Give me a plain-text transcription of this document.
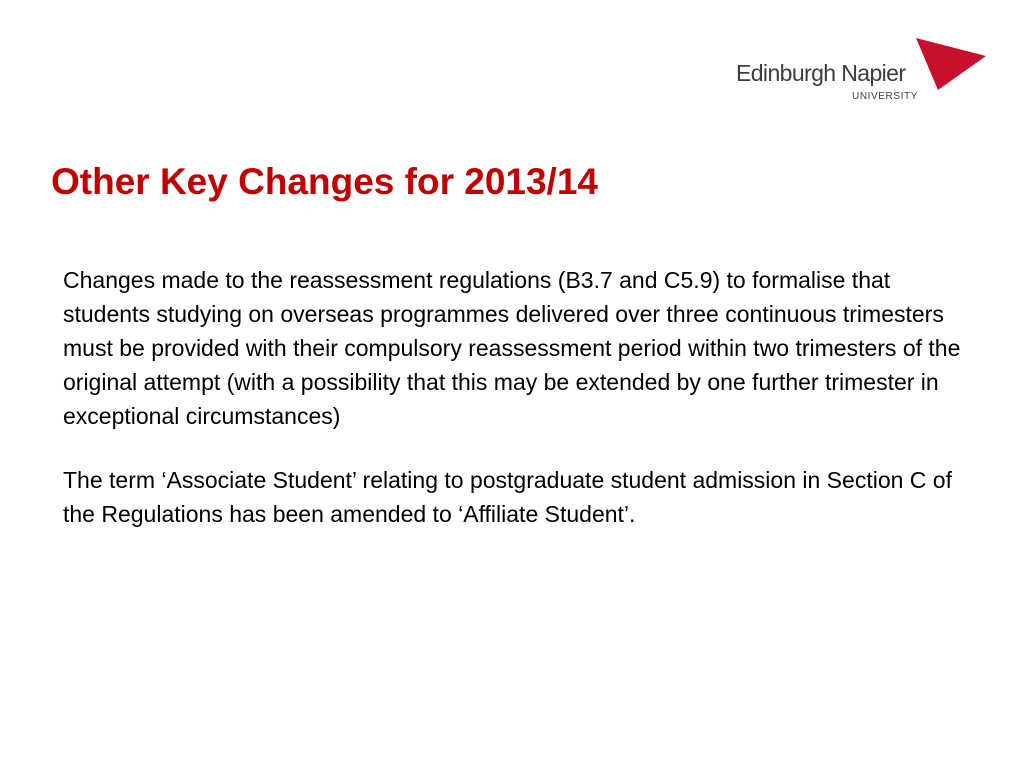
Edinburgh Napier
UNIVERSITY
Other Key Changes for 2013/14

Changes made to the reassessment regulations (B3.7 and C5.9) to formalise that students studying on overseas programmes delivered over three continuous trimesters must be provided with their compulsory reassessment period within two trimesters of the original attempt (with a possibility that this may be extended by one further trimester in exceptional circumstances)

The term ‘Associate Student’ relating to postgraduate student admission in Section C of the Regulations has been amended to ‘Affiliate Student’.
